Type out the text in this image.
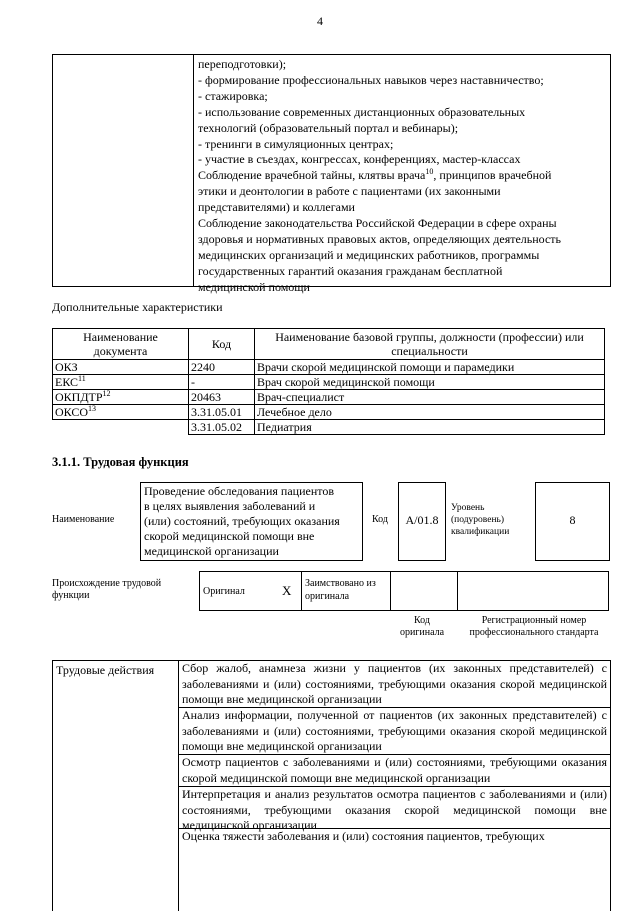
4
переподготовки);
- формирование профессиональных навыков через наставничество;
- стажировка;
- использование современных дистанционных образовательных
технологий (образовательный портал и вебинары);
- тренинги в симуляционных центрах;
- участие в съездах, конгрессах, конференциях, мастер-классах
Соблюдение врачебной тайны, клятвы врача$^{10}$, принципов врачебной
этики и деонтологии в работе с пациентами (их законными
представителями) и коллегами
Соблюдение законодательства Российской Федерации в сфере охраны
здоровья и нормативных правовых актов, определяющих деятельность
медицинских организаций и медицинских работников, программы
государственных гарантий оказания гражданам бесплатной
медицинской помощи
Дополнительные характеристики
Наименование документа	Код	Наименование базовой группы, должности (профессии) или специальности
ОКЗ	2240	Врачи скорой медицинской помощи и парамедики
ЕКС$^{11}$	-	Врач скорой медицинской помощи
ОКПДТР$^{12}$	20463	Врач-специалист
ОКСО$^{13}$	3.31.05.01	Лечебное дело
	3.31.05.02	Педиатрия
3.1.1. Трудовая функция
Наименование
Проведение обследования пациентов
в целях выявления заболеваний и
(или) состояний, требующих оказания
скорой медицинской помощи вне
медицинской организации
Код	A/01.8
Уровень
(подуровень)
квалификации
8
Происхождение трудовой
функции	Оригинал	X Заимствовано из
оригинала
Код
оригинала
Регистрационный номер
профессионального стандарта
Трудовые действия Сбор жалоб, анамнеза жизни у пациентов (их законных представителей) с заболеваниями и (или) состояниями, требующими оказания скорой медицинской помощи вне медицинской организации
Анализ информации, полученной от пациентов (их законных представителей) с заболеваниями и (или) состояниями, требующими оказания скорой медицинской помощи вне медицинской организации
Осмотр пациентов с заболеваниями и (или) состояниями, требующими оказания скорой медицинской помощи вне медицинской организации
Интерпретация и анализ результатов осмотра пациентов с заболеваниями и (или) состояниями, требующими оказания скорой медицинской помощи вне медицинской организации
Оценка тяжести заболевания и (или) состояния пациентов, требующих
